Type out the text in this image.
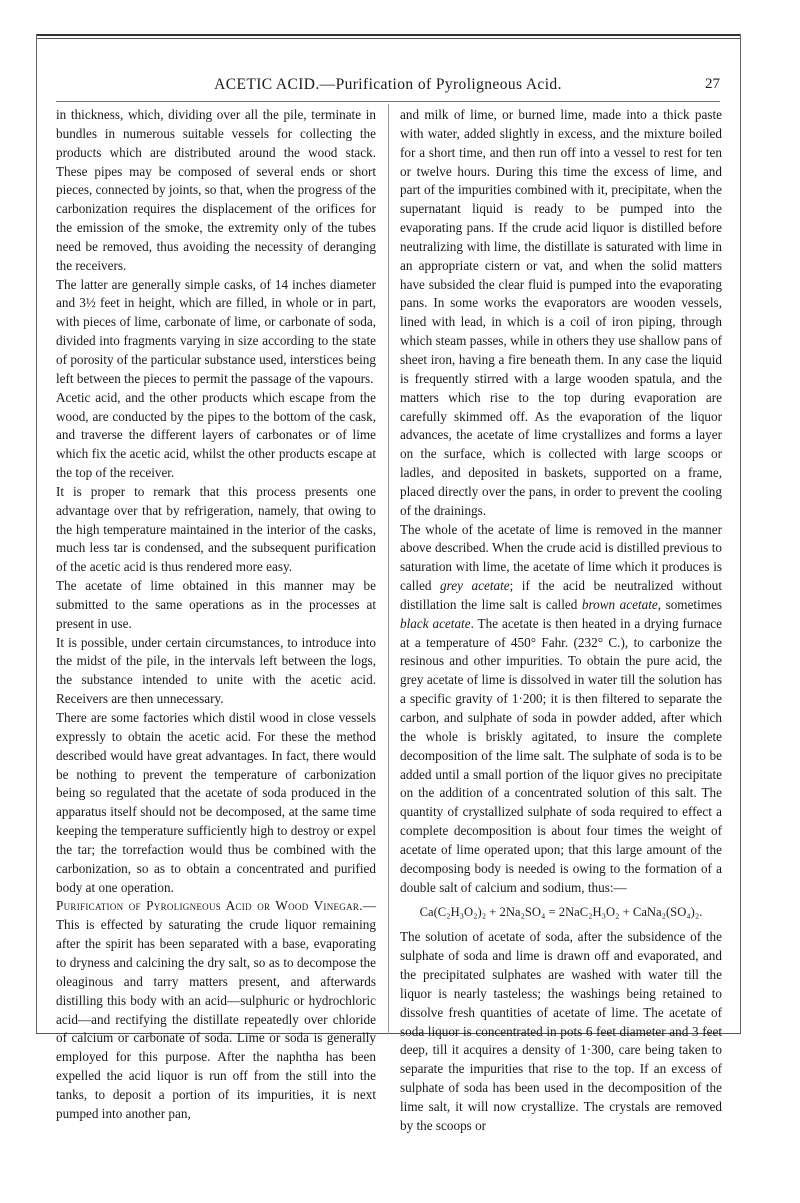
ACETIC ACID.—Purification of Pyroligneous Acid.	27

in thickness, which, dividing over all the pile, terminate in bundles in numerous suitable vessels for collecting the products which are distributed around the wood stack. These pipes may be composed of several ends or short pieces, connected by joints, so that, when the progress of the carbonization requires the displacement of the orifices for the emission of the smoke, the extremity only of the tubes need be removed, thus avoiding the necessity of deranging the receivers.

The latter are generally simple casks, of 14 inches diameter and 3½ feet in height, which are filled, in whole or in part, with pieces of lime, carbonate of lime, or carbonate of soda, divided into fragments varying in size according to the state of porosity of the particular substance used, interstices being left between the pieces to permit the passage of the vapours.

Acetic acid, and the other products which escape from the wood, are conducted by the pipes to the bottom of the cask, and traverse the different layers of carbonates or of lime which fix the acetic acid, whilst the other products escape at the top of the receiver.

It is proper to remark that this process presents one advantage over that by refrigeration, namely, that owing to the high temperature maintained in the interior of the casks, much less tar is condensed, and the subsequent purification of the acetic acid is thus rendered more easy.

The acetate of lime obtained in this manner may be submitted to the same operations as in the processes at present in use.

It is possible, under certain circumstances, to introduce into the midst of the pile, in the intervals left between the logs, the substance intended to unite with the acetic acid. Receivers are then unnecessary.

There are some factories which distil wood in close vessels expressly to obtain the acetic acid. For these the method described would have great advantages. In fact, there would be nothing to prevent the temperature of carbonization being so regulated that the acetate of soda produced in the apparatus itself should not be decomposed, at the same time keeping the temperature sufficiently high to destroy or expel the tar; the torrefaction would thus be combined with the carbonization, so as to obtain a concentrated and purified body at one operation.

Purification of Pyroligneous Acid or Wood Vinegar.—This is effected by saturating the crude liquor remaining after the spirit has been separated with a base, evaporating to dryness and calcining the dry salt, so as to decompose the oleaginous and tarry matters present, and afterwards distilling this body with an acid—sulphuric or hydrochloric acid—and rectifying the distillate repeatedly over chloride of calcium or carbonate of soda. Lime or soda is generally employed for this purpose. After the naphtha has been expelled the acid liquor is run off from the still into the tanks, to deposit a portion of its impurities, it is next pumped into another pan,

and milk of lime, or burned lime, made into a thick paste with water, added slightly in excess, and the mixture boiled for a short time, and then run off into a vessel to rest for ten or twelve hours. During this time the excess of lime, and part of the impurities combined with it, precipitate, when the supernatant liquid is ready to be pumped into the evaporating pans. If the crude acid liquor is distilled before neutralizing with lime, the distillate is saturated with lime in an appropriate cistern or vat, and when the solid matters have subsided the clear fluid is pumped into the evaporating pans. In some works the evaporators are wooden vessels, lined with lead, in which is a coil of iron piping, through which steam passes, while in others they use shallow pans of sheet iron, having a fire beneath them. In any case the liquid is frequently stirred with a large wooden spatula, and the matters which rise to the top during evaporation are carefully skimmed off. As the evaporation of the liquor advances, the acetate of lime crystallizes and forms a layer on the surface, which is collected with large scoops or ladles, and deposited in baskets, supported on a frame, placed directly over the pans, in order to prevent the cooling of the drainings.

The whole of the acetate of lime is removed in the manner above described. When the crude acid is distilled previous to saturation with lime, the acetate of lime which it produces is called grey acetate; if the acid be neutralized without distillation the lime salt is called brown acetate, sometimes black acetate. The acetate is then heated in a drying furnace at a temperature of 450° Fahr. (232° C.), to carbonize the resinous and other impurities. To obtain the pure acid, the grey acetate of lime is dissolved in water till the solution has a specific gravity of 1·200; it is then filtered to separate the carbon, and sulphate of soda in powder added, after which the whole is briskly agitated, to insure the complete decomposition of the lime salt. The sulphate of soda is to be added until a small portion of the liquor gives no precipitate on the addition of a concentrated solution of this salt. The quantity of crystallized sulphate of soda required to effect a complete decomposition is about four times the weight of acetate of lime operated upon; that this large amount of the decomposing body is needed is owing to the formation of a double salt of calcium and sodium, thus:—

Ca(C₂H₃O₂)₂ + 2Na₂SO₄ = 2NaC₂H₃O₂ + CaNa₂(SO₄)₂.

The solution of acetate of soda, after the subsidence of the sulphate of soda and lime is drawn off and evaporated, and the precipitated sulphates are washed with water till the liquor is nearly tasteless; the washings being retained to dissolve fresh quantities of acetate of lime. The acetate of soda liquor is concentrated in pots 6 feet diameter and 3 feet deep, till it acquires a density of 1·300, care being taken to separate the impurities that rise to the top. If an excess of sulphate of soda has been used in the decomposition of the lime salt, it will now crystallize. The crystals are removed by the scoops or
